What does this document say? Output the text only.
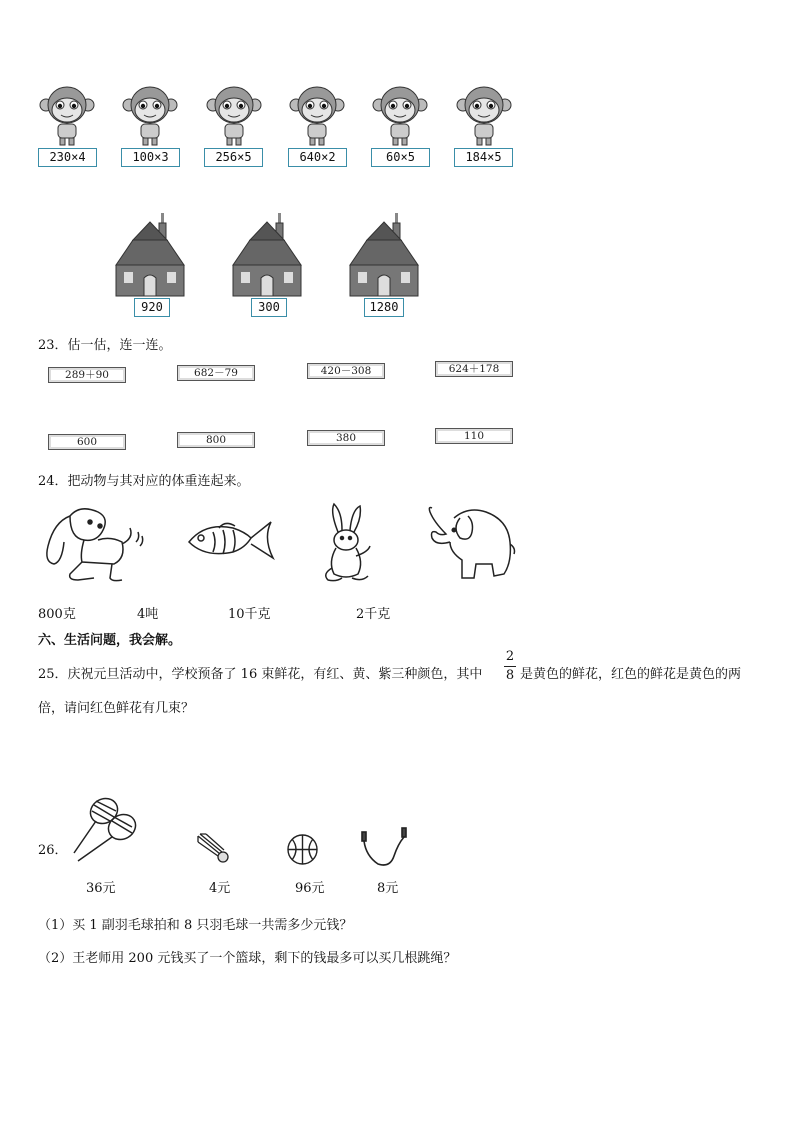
230×4	100×3	256×5	640×2	60×5	184×5
920	300	1280
23．估一估，连一连。
289＋90	682－79	420－308	624＋178
600	800	380	110
24．把动物与其对应的体重连起来。
800克	4吨	10千克	2千克
六、生活问题，我会解。
25．庆祝元旦活动中，学校预备了 16 束鲜花，有红、黄、紫三种颜色，其中
2
8 是黄色的鲜花，红色的鲜花是黄色的两
倍，请问红色鲜花有几束？
26．
36元	4元	96元	8元
（1）买 1 副羽毛球拍和 8 只羽毛球一共需多少元钱？
（2）王老师用 200 元钱买了一个篮球，剩下的钱最多可以买几根跳绳？
